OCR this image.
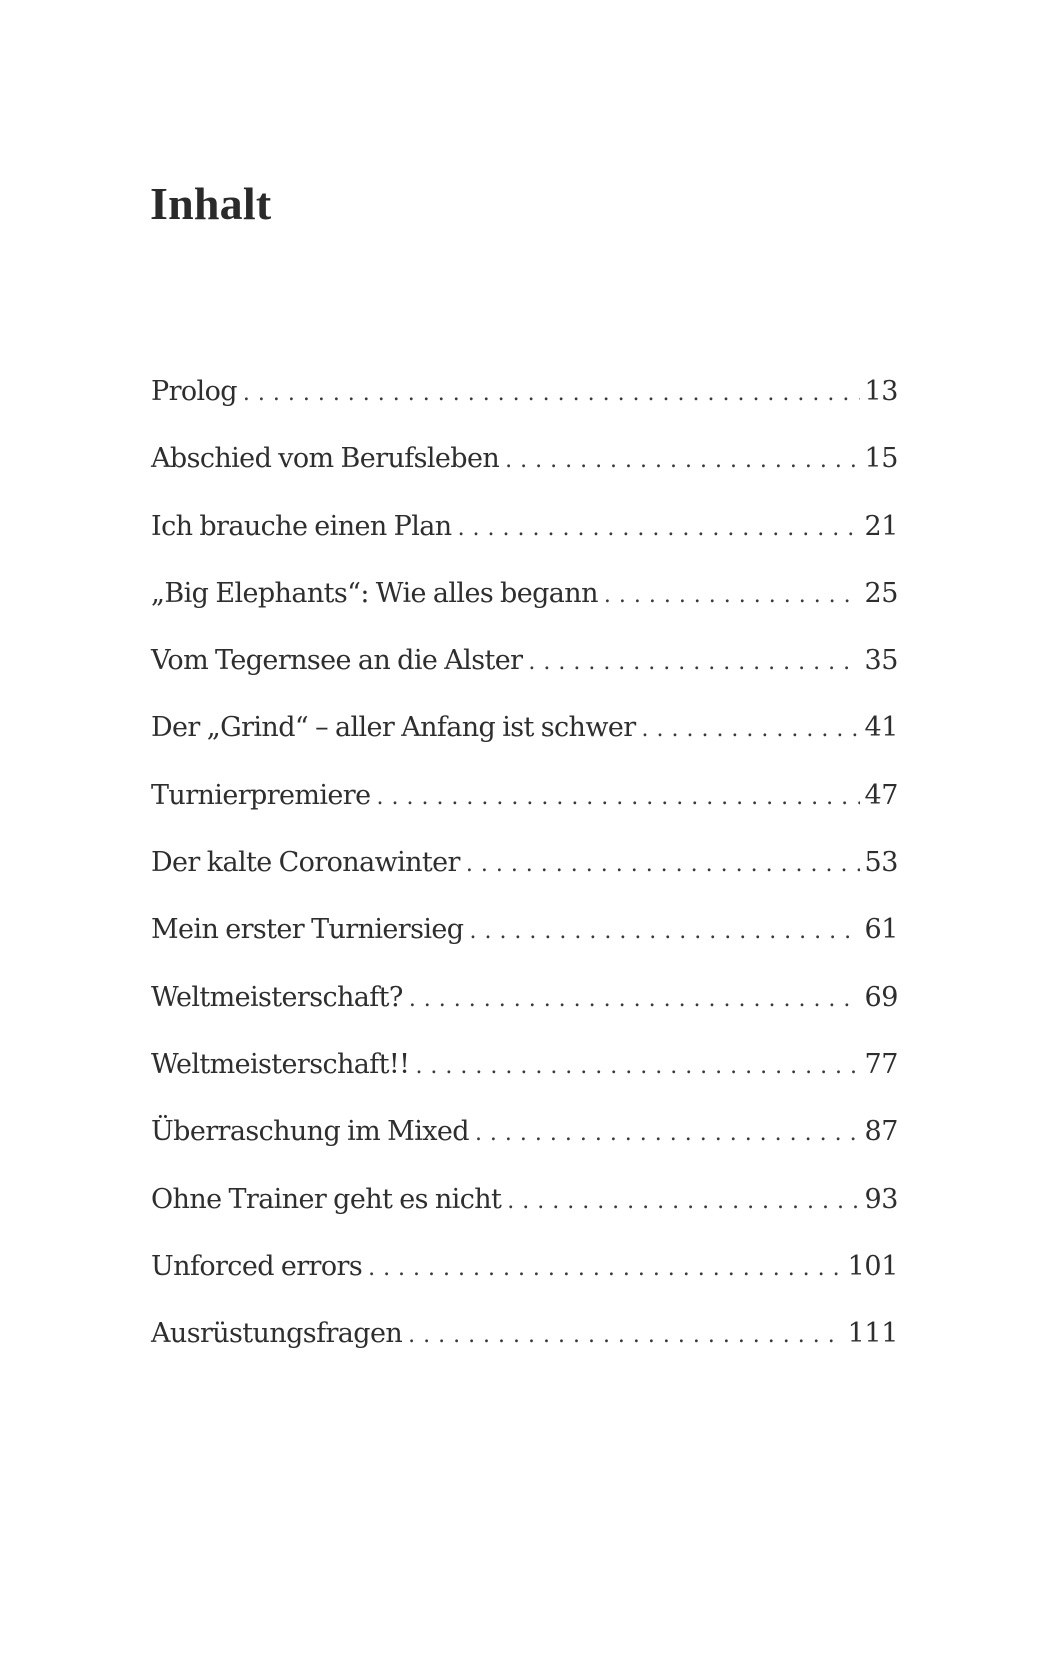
Inhalt
Prolog . . .	13
Abschied vom Berufsleben . . .	15
Ich brauche einen Plan . . .	21
„Big Elephants“: Wie alles begann . . .	25
Vom Tegernsee an die Alster . . .	35
Der „Grind“ – aller Anfang ist schwer . . .	41
Turnierpremiere . . .	47
Der kalte Coronawinter . . .	53
Mein erster Turniersieg . . .	61
Weltmeisterschaft? . . .	69
Weltmeisterschaft!! . . .	77
Überraschung im Mixed . . .	87
Ohne Trainer geht es nicht . . .	93
Unforced errors . . .	101
Ausrüstungsfragen . . .	111
